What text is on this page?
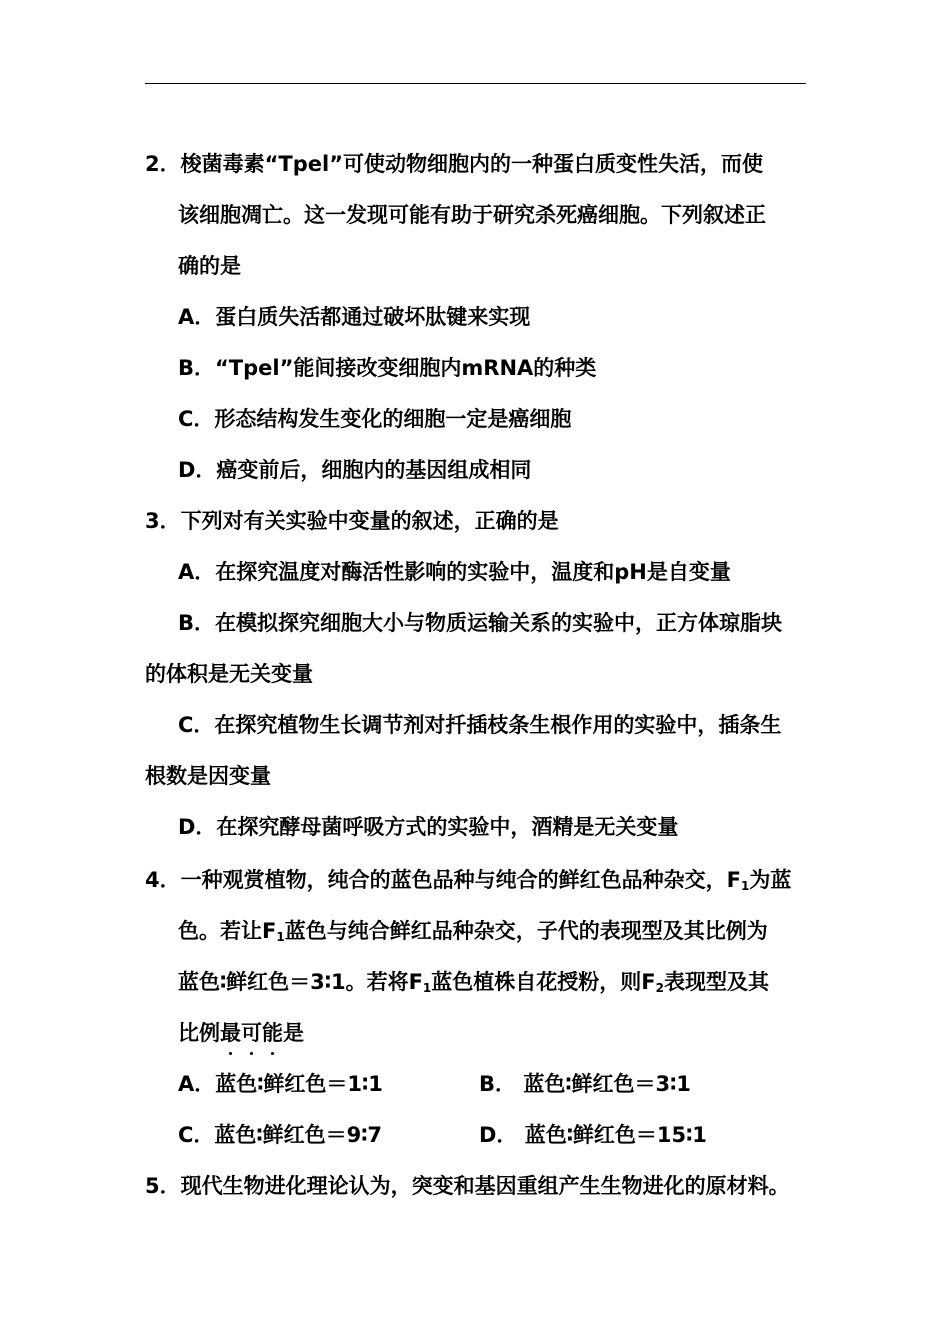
2．梭菌毒素“Tpel”可使动物细胞内的一种蛋白质变性失活，而使
该细胞凋亡。这一发现可能有助于研究杀死癌细胞。下列叙述正
确的是
A．蛋白质失活都通过破坏肽键来实现
B．“Tpel”能间接改变细胞内mRNA的种类
C．形态结构发生变化的细胞一定是癌细胞
D．癌变前后，细胞内的基因组成相同
3．下列对有关实验中变量的叙述，正确的是
A．在探究温度对酶活性影响的实验中，温度和pH是自变量
B．在模拟探究细胞大小与物质运输关系的实验中，正方体琼脂块
的体积是无关变量
C．在探究植物生长调节剂对扦插枝条生根作用的实验中，插条生
根数是因变量
D．在探究酵母菌呼吸方式的实验中，酒精是无关变量
4．一种观赏植物，纯合的蓝色品种与纯合的鲜红色品种杂交，$F_1$为蓝
色。若让$F_1$蓝色与纯合鲜红品种杂交，子代的表现型及其比例为
蓝色∶鲜红色＝3∶1。若将$F_1$蓝色植株自花授粉，则$F_2$表现型及其
比例最可能是
A．蓝色∶鲜红色＝1∶1	B． 蓝色∶鲜红色＝3∶1
C．蓝色∶鲜红色＝9∶7	D． 蓝色∶鲜红色＝15∶1
5．现代生物进化理论认为，突变和基因重组产生生物进化的原材料。
